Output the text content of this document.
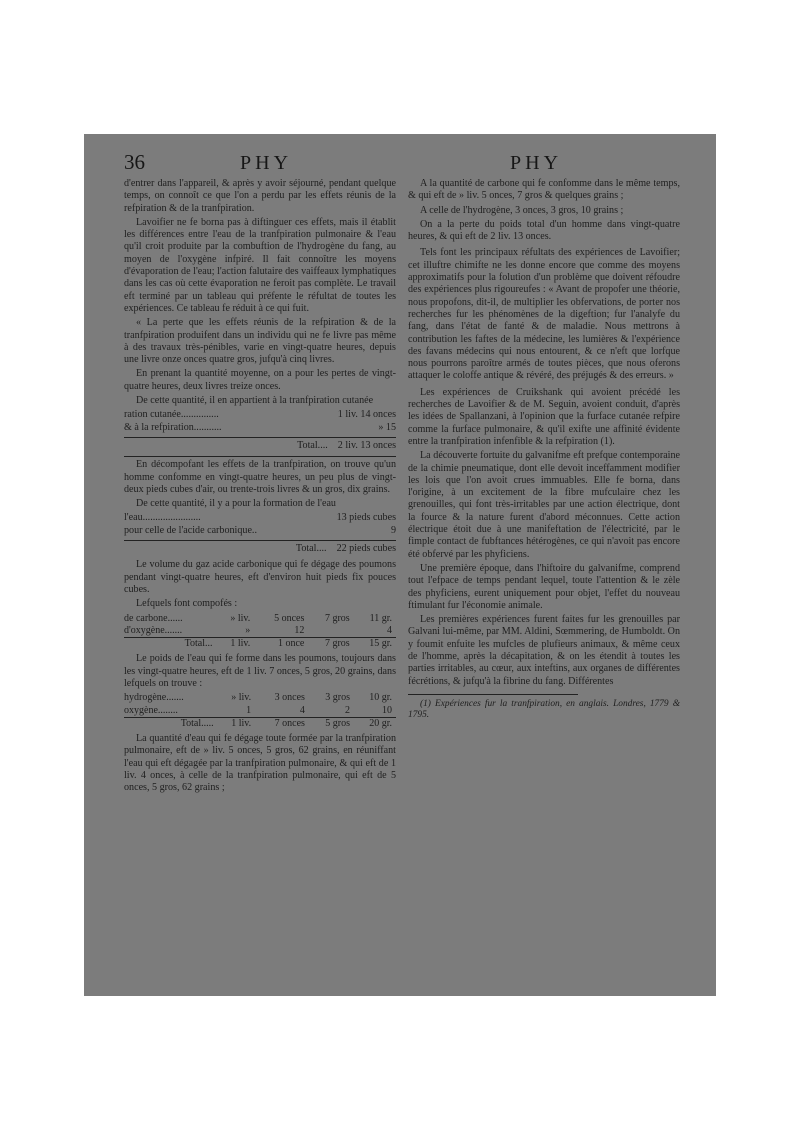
36	PHY	PHY

d'entrer dans l'appareil, & après y avoir séjourné, pendant quelque temps, on connoît ce que l'on a perdu par les effets réunis de la refpiration & de la tranfpiration.

Lavoifier ne fe borna pas à diftinguer ces effets, mais il établit les différences entre l'eau de la tranfpiration pulmonaire & l'eau qu'il croit produite par la combuftion de l'hydrogène du fang, au moyen de l'oxygène infpiré. Il fait connoître les moyens d'évaporation de l'eau; l'action falutaire des vaiffeaux lymphatiques dans les cas où cette évaporation ne feroit pas complète. Le travail eft terminé par un tableau qui préfente le réfultat de toutes les expériences. Ce tableau fe réduit à ce qui fuit.

« La perte que les effets réunis de la refpiration & de la tranfpiration produifent dans un individu qui ne fe livre pas même à des travaux très-pénibles, varie en vingt-quatre heures, depuis une livre onze onces quatre gros, jufqu'à cinq livres.

En prenant la quantité moyenne, on a pour les pertes de vingt-quatre heures, deux livres treize onces.

De cette quantité, il en appartient à la tranfpiration cutanée

ration cutanée...............	1 liv. 14 onces
& à la refpiration...........	» 15
Total.... 2 liv. 13 onces

En décompofant les effets de la tranfpiration, on trouve qu'un homme confomme en vingt-quatre heures, un peu plus de vingt-deux pieds cubes d'air, ou trente-trois livres & un gros, dix grains.

De cette quantité, il y a pour la formation de l'eau

l'eau.......................	13 pieds cubes
pour celle de l'acide carbonique..	9
Total.... 22 pieds cubes

Le volume du gaz acide carbonique qui fe dégage des poumons pendant vingt-quatre heures, eft d'environ huit pieds fix pouces cubes.

Lefquels font compofés :

de carbone......	» liv.	5 onces	7 gros	11 gr.
d'oxygène.......	»	12		4
Total...	1 liv.	1 once	7 gros	15 gr.

Le poids de l'eau qui fe forme dans les poumons, toujours dans les vingt-quatre heures, eft de 1 liv. 7 onces, 5 gros, 20 grains, dans lefquels on trouve :

hydrogène.......	» liv.	3 onces	3 gros	10 gr.
oxygène........	1	4	2	10
Total.....	1 liv.	7 onces	5 gros	20 gr.

La quantité d'eau qui fe dégage toute formée par la tranfpiration pulmonaire, eft de » liv. 5 onces, 5 gros, 62 grains, en réuniffant l'eau qui eft dégagée par la tranfpiration pulmonaire, & qui eft de 1 liv. 4 onces, à celle de la tranfpiration pulmonaire, qui eft de 5 onces, 5 gros, 62 grains ;

A la quantité de carbone qui fe confomme dans le même temps, & qui eft de » liv. 5 onces, 7 gros & quelques grains ;

A celle de l'hydrogène, 3 onces, 3 gros, 10 grains ;

On a la perte du poids total d'un homme dans vingt-quatre heures, & qui eft de 2 liv. 13 onces.

Tels font les principaux réfultats des expériences de Lavoifier; cet illuftre chimifte ne les donne encore que comme des moyens approximatifs pour la folution d'un problème que doivent réfoudre des expériences plus rigoureufes : « Avant de propofer une théorie, nous propofons, dit-il, de multiplier les obfervations, de porter nos recherches fur les phénomènes de la digeftion; fur l'analyfe du fang, dans l'état de fanté & de maladie. Nous mettrons à contribution les faftes de la médecine, les lumières & l'expérience des favans médecins qui nous entourent, & ce n'eft que lorfque nous pourrons paroître armés de toutes pièces, que nous oferons attaquer le coloffe antique & révéré, des préjugés & des erreurs. »

Les expériences de Cruikshank qui avoient précédé les recherches de Lavoifier & de M. Seguin, avoient conduit, d'après les idées de Spallanzani, à l'opinion que la furface cutanée refpire comme la furface pulmonaire, & qu'il exifte une affinité évidente entre la tranfpiration infenfible & la refpiration (1).

La découverte fortuite du galvanifme eft prefque contemporaine de la chimie pneumatique, dont elle devoit inceffamment modifier les lois que l'on avoit crues immuables. Elle fe borna, dans l'origine, à un excitement de la fibre mufculaire chez les grenouilles, qui font très-irritables par une action électrique, dont la fource & la nature furent d'abord méconnues. Cette action électrique étoit due à une manifeftation de l'électricité, par le fimple contact de fubftances hétérogènes, ce qui n'avoit pas encore été obfervé par les phyficiens.

Une première époque, dans l'hiftoire du galvanifme, comprend tout l'efpace de temps pendant lequel, toute l'attention & le zèle des phyficiens, eurent uniquement pour objet, l'effet du nouveau ftimulant fur l'économie animale.

Les premières expériences furent faites fur les grenouilles par Galvani lui-même, par MM. Aldini, Sœmmering, de Humboldt. On y foumit enfuite les mufcles de plufieurs animaux, & même ceux de l'homme, après la décapitation, & on les étendit à toutes les parties irritables, au cœur, aux inteftins, aux organes de différentes fécrétions, & jufqu'à la fibrine du fang. Différentes

(1) Expériences fur la tranfpiration, en anglais. Londres, 1779 & 1795.
